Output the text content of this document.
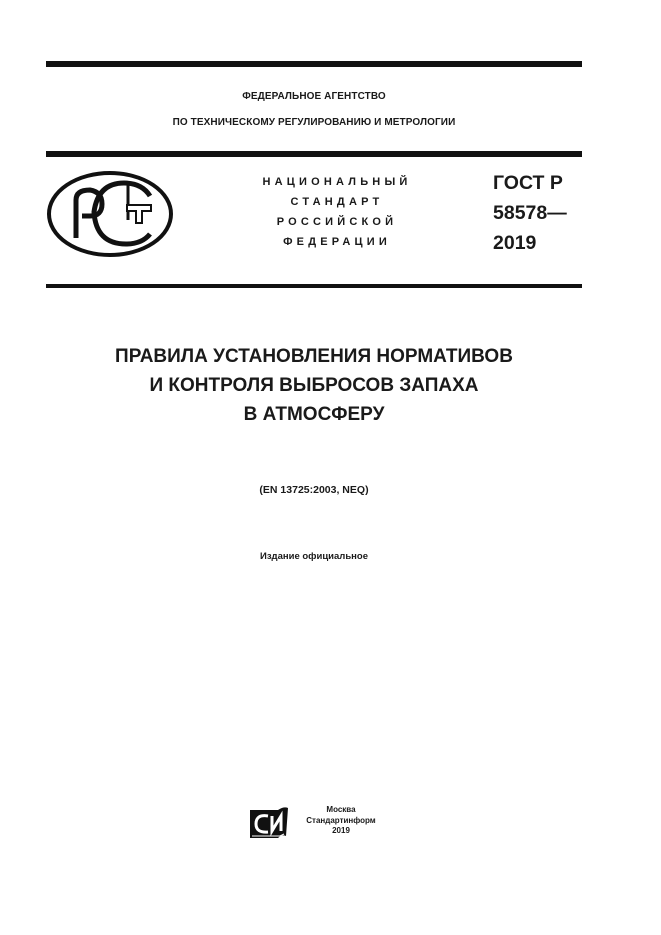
ФЕДЕРАЛЬНОЕ АГЕНТСТВО
ПО ТЕХНИЧЕСКОМУ РЕГУЛИРОВАНИЮ И МЕТРОЛОГИИ
НАЦИОНАЛЬНЫЙ
СТАНДАРТ
РОССИЙСКОЙ
ФЕДЕРАЦИИ
ГОСТ Р
58578—
2019
ПРАВИЛА УСТАНОВЛЕНИЯ НОРМАТИВОВ
И КОНТРОЛЯ ВЫБРОСОВ ЗАПАХА
В АТМОСФЕРУ
(EN 13725:2003, NEQ)
Издание официальное
Москва
Стандартинформ
2019
